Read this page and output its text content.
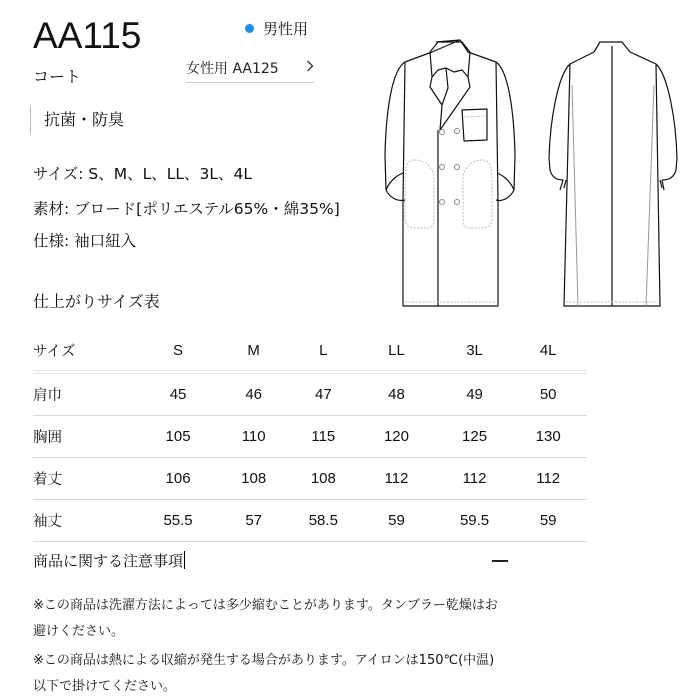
AA115
コート
男性用
女性用 AA125
抗菌・防臭
サイズ: S、M、L、LL、3L、4L
素材: ブロード[ポリエステル65%・綿35%]
仕様: 袖口紐入
仕上がりサイズ表
サイズ	S	M	L	LL	3L	4L
肩巾	45	46	47	48	49	50
胸囲	105	110	115	120	125	130
着丈	106	108	108	112	112	112
袖丈	55.5	57	58.5	59	59.5	59
商品に関する注意事項
※この商品は洗濯方法によっては多少縮むことがあります。タンブラー乾燥はお
避けください。
※この商品は熱による収縮が発生する場合があります。アイロンは150℃(中温)
以下で掛けてください。
